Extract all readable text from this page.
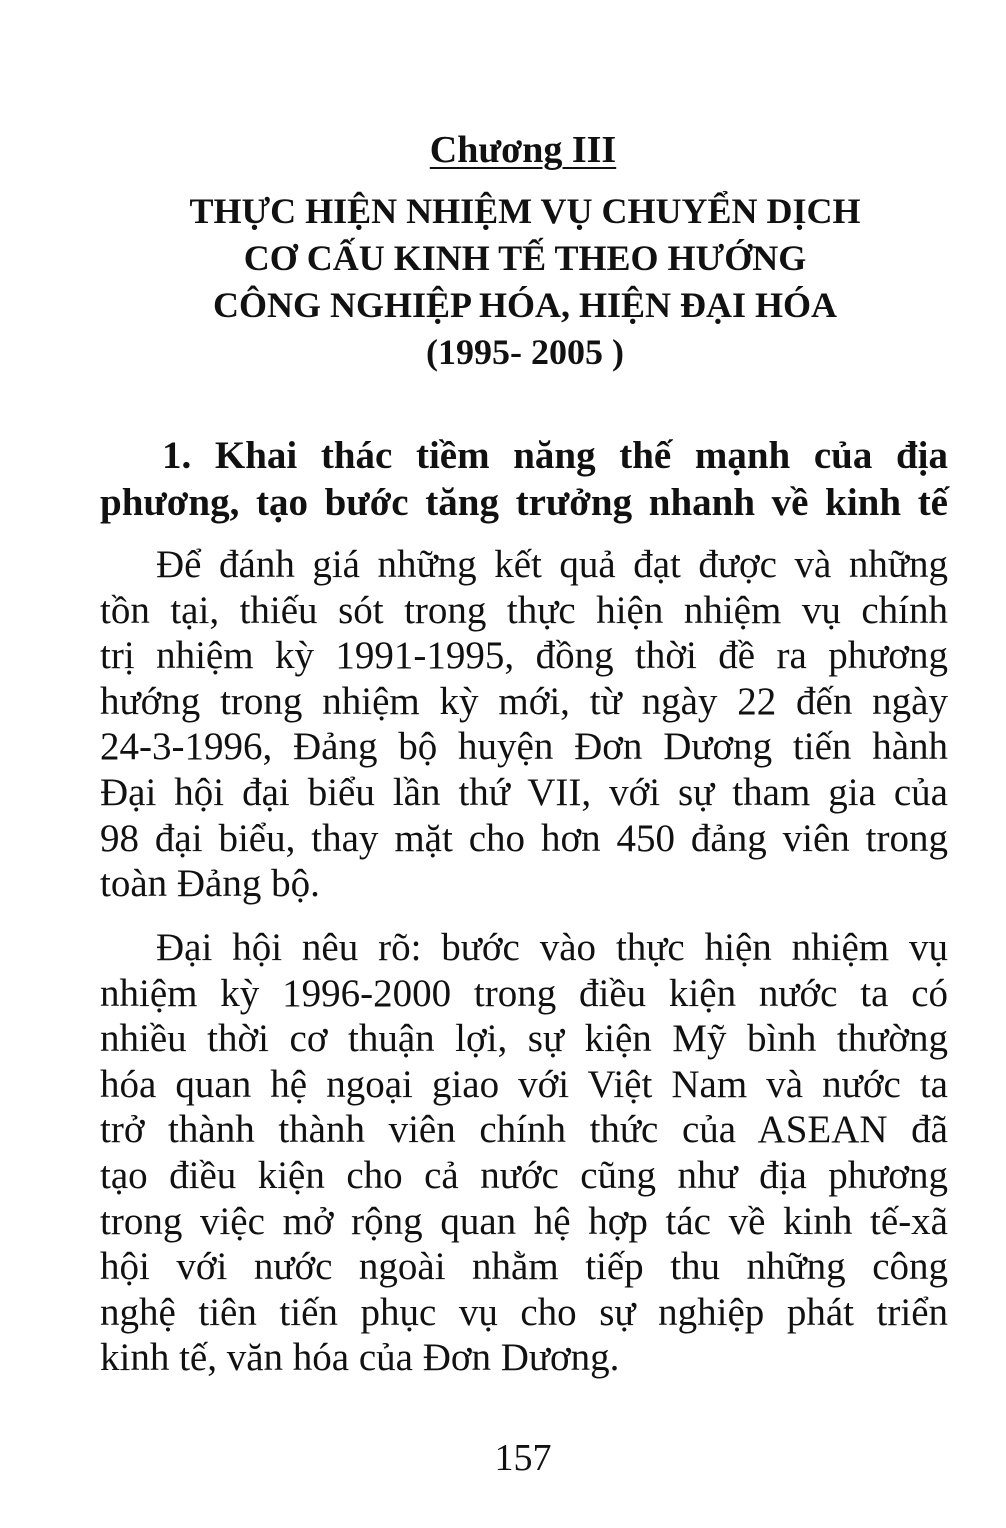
Chương III
THỰC HIỆN NHIỆM VỤ CHUYỂN DỊCH
CƠ CẤU KINH TẾ THEO HƯỚNG
CÔNG NGHIỆP HÓA, HIỆN ĐẠI HÓA
(1995- 2005 )
1. Khai thác tiềm năng thế mạnh của địa
phương, tạo bước tăng trưởng nhanh về kinh tế
Để đánh giá những kết quả đạt được và những
tồn tại, thiếu sót trong thực hiện nhiệm vụ chính
trị nhiệm kỳ 1991-1995, đồng thời đề ra phương
hướng trong nhiệm kỳ mới, từ ngày 22 đến ngày
24-3-1996, Đảng bộ huyện Đơn Dương tiến hành
Đại hội đại biểu lần thứ VII, với sự tham gia của
98 đại biểu, thay mặt cho hơn 450 đảng viên trong
toàn Đảng bộ.
Đại hội nêu rõ: bước vào thực hiện nhiệm vụ
nhiệm kỳ 1996-2000 trong điều kiện nước ta có
nhiều thời cơ thuận lợi, sự kiện Mỹ bình thường
hóa quan hệ ngoại giao với Việt Nam và nước ta
trở thành thành viên chính thức của ASEAN đã
tạo điều kiện cho cả nước cũng như địa phương
trong việc mở rộng quan hệ hợp tác về kinh tế-xã
hội với nước ngoài nhằm tiếp thu những công
nghệ tiên tiến phục vụ cho sự nghiệp phát triển
kinh tế, văn hóa của Đơn Dương.
157
